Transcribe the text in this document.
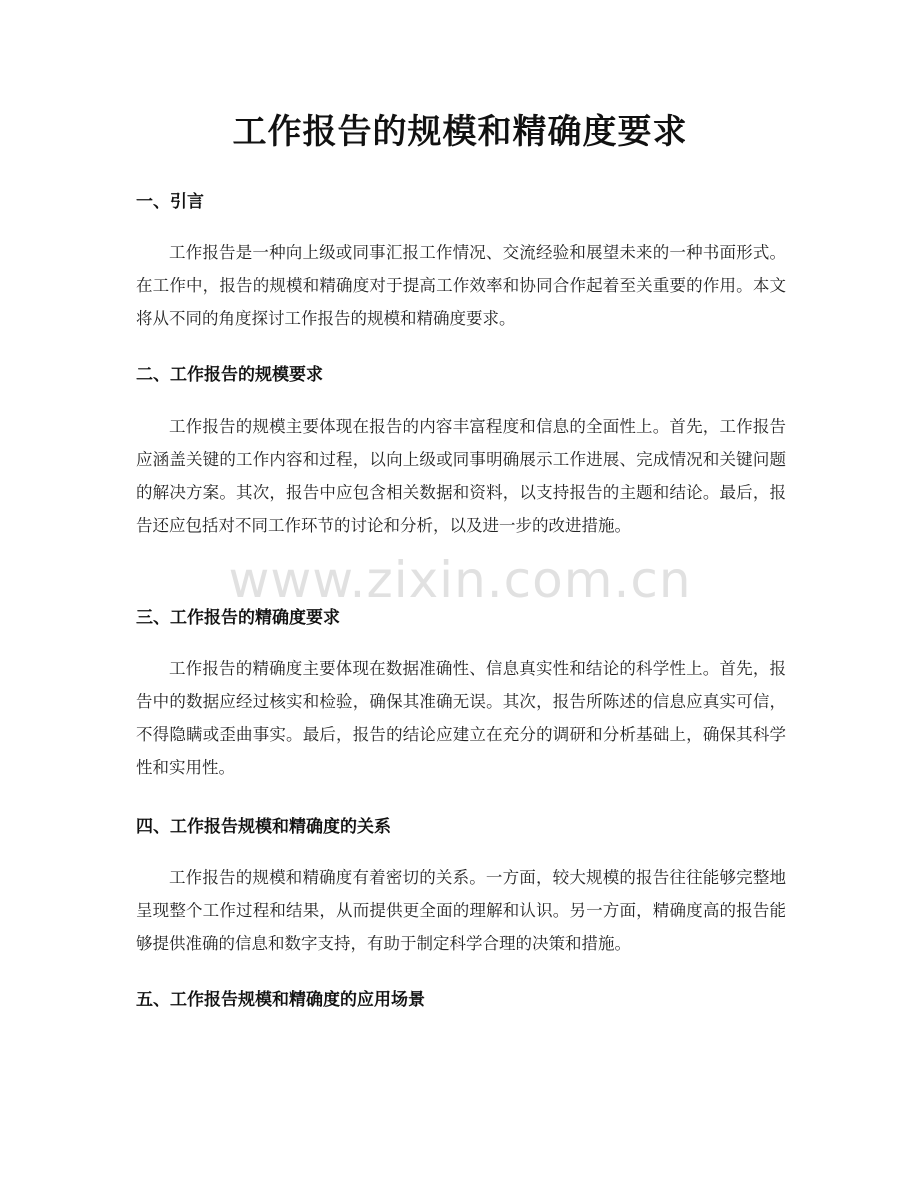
工作报告的规模和精确度要求
一、引言
工作报告是一种向上级或同事汇报工作情况、交流经验和展望未来的一种书面形式。在工作中，报告的规模和精确度对于提高工作效率和协同合作起着至关重要的作用。本文将从不同的角度探讨工作报告的规模和精确度要求。
二、工作报告的规模要求
工作报告的规模主要体现在报告的内容丰富程度和信息的全面性上。首先，工作报告应涵盖关键的工作内容和过程，以向上级或同事明确展示工作进展、完成情况和关键问题的解决方案。其次，报告中应包含相关数据和资料，以支持报告的主题和结论。最后，报告还应包括对不同工作环节的讨论和分析，以及进一步的改进措施。
三、工作报告的精确度要求
工作报告的精确度主要体现在数据准确性、信息真实性和结论的科学性上。首先，报告中的数据应经过核实和检验，确保其准确无误。其次，报告所陈述的信息应真实可信，不得隐瞒或歪曲事实。最后，报告的结论应建立在充分的调研和分析基础上，确保其科学性和实用性。
四、工作报告规模和精确度的关系
工作报告的规模和精确度有着密切的关系。一方面，较大规模的报告往往能够完整地呈现整个工作过程和结果，从而提供更全面的理解和认识。另一方面，精确度高的报告能够提供准确的信息和数字支持，有助于制定科学合理的决策和措施。
五、工作报告规模和精确度的应用场景
www.zixin.com.cn
